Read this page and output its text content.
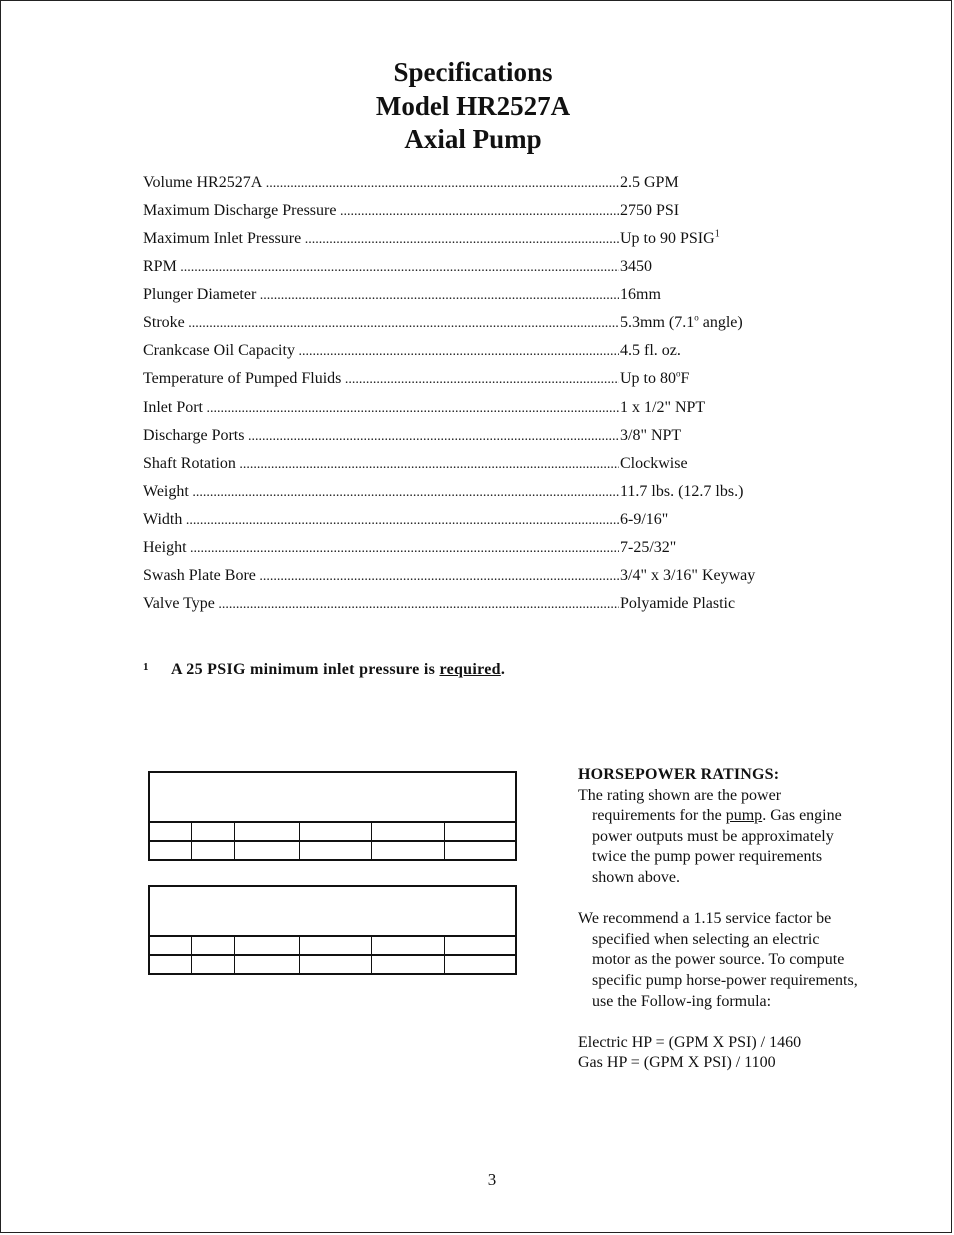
Specifications
Model HR2527A
Axial Pump
Volume HR2527A .....	2.5 GPM
Maximum Discharge Pressure .....	2750 PSI
Maximum Inlet Pressure .....	Up to 90 PSIG$^1$
RPM .....	3450
Plunger Diameter .....	16mm
Stroke .....	5.3mm (7.1$^o$ angle)
Crankcase Oil Capacity .....	4.5 fl. oz.
Temperature of Pumped Fluids .....	Up to 80$^o$F
Inlet Port .....	1 x 1/2" NPT
Discharge Ports .....	3/8" NPT
Shaft Rotation .....	Clockwise
Weight .....	11.7 lbs. (12.7 lbs.)
Width .....	6-9/16"
Height .....	7-25/32"
Swash Plate Bore .....	3/4" x 3/16" Keyway
Valve Type .....	Polyamide Plastic
1 A 25 PSIG minimum inlet pressure is required.
HORSEPOWER RATINGS:
The rating shown are the power requirements for the pump. Gas engine power outputs must be approximately twice the pump power requirements shown above.
We recommend a 1.15 service factor be specified when selecting an electric motor as the power source. To compute specific pump horse-power requirements, use the Follow-ing formula:
Electric HP = (GPM X PSI) / 1460
Gas HP = (GPM X PSI) / 1100
3
